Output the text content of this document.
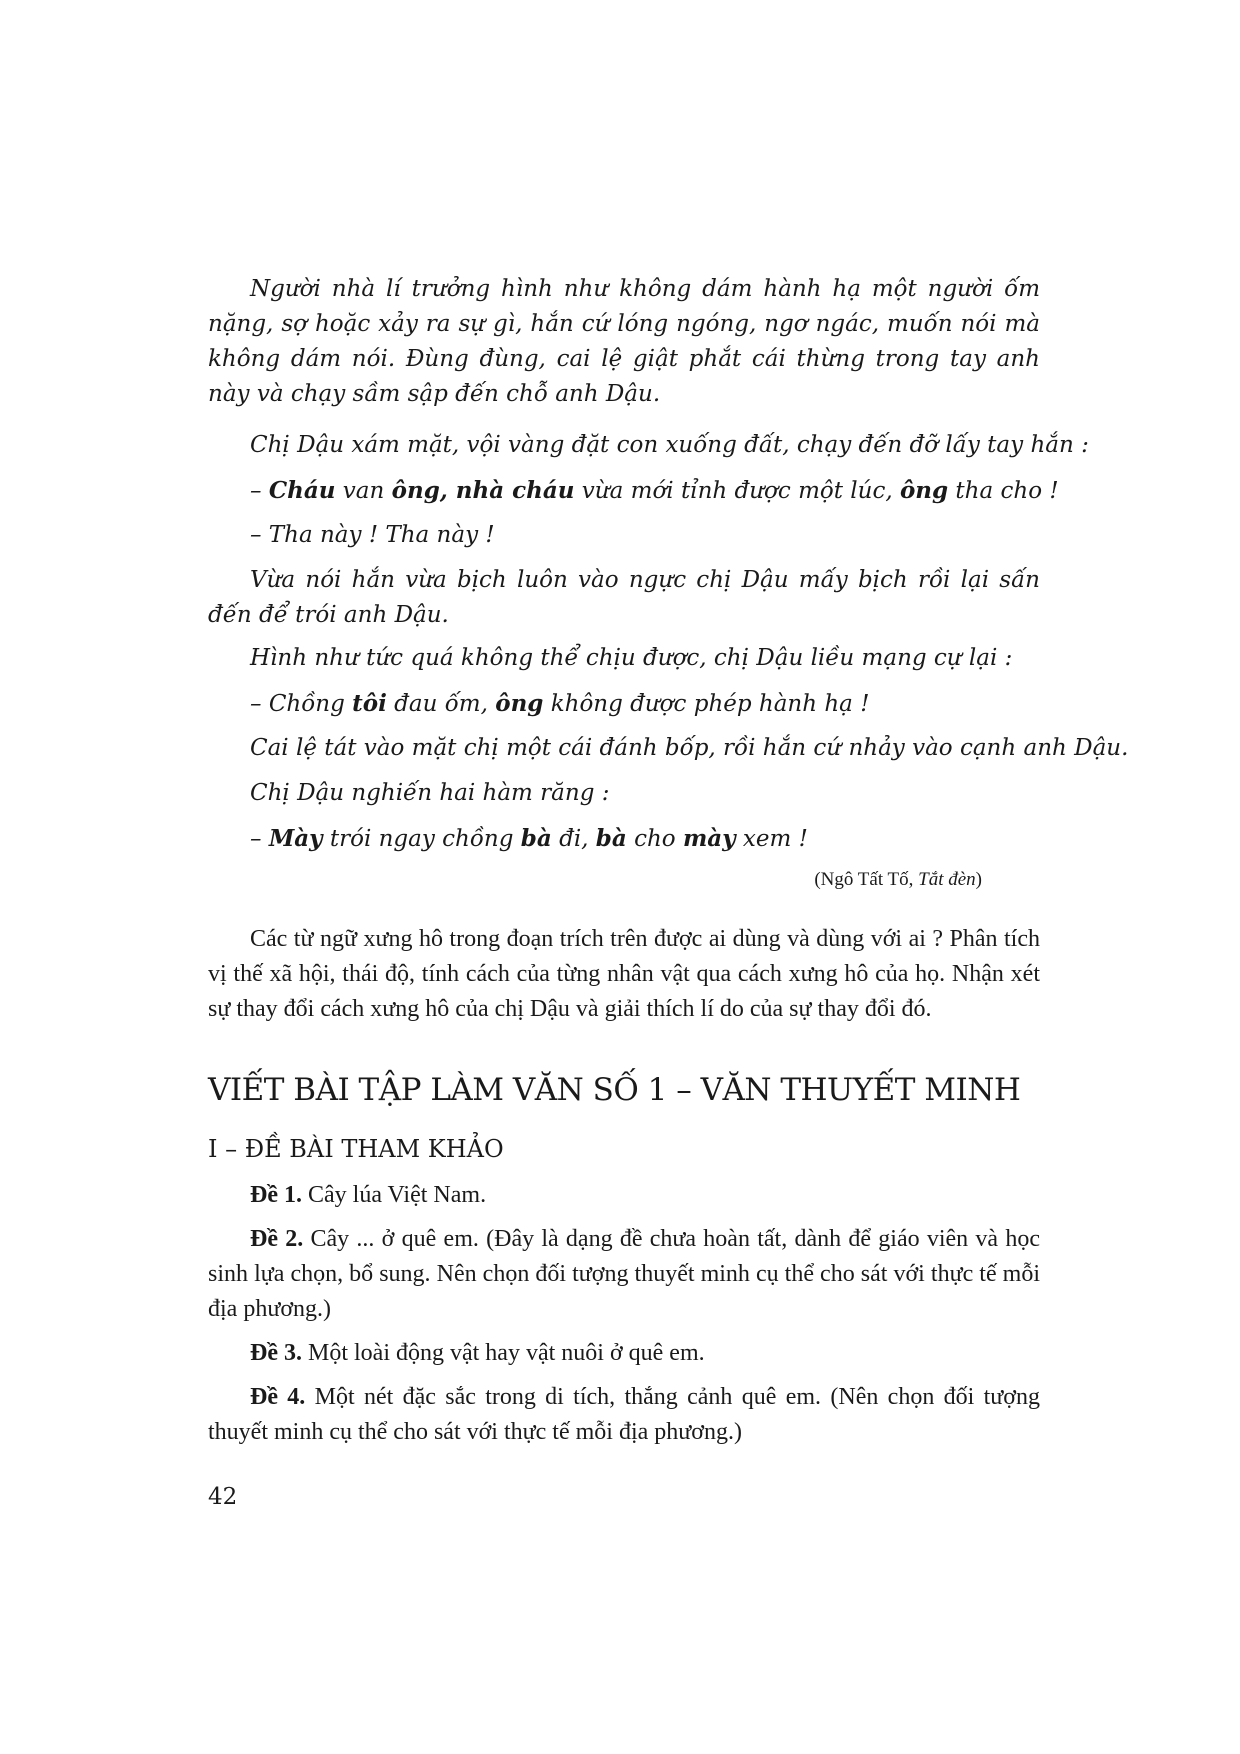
Người nhà lí trưởng hình như không dám hành hạ một người ốm nặng, sợ hoặc xảy ra sự gì, hắn cứ lóng ngóng, ngơ ngác, muốn nói mà không dám nói. Đùng đùng, cai lệ giật phắt cái thừng trong tay anh này và chạy sầm sập đến chỗ anh Dậu.

Chị Dậu xám mặt, vội vàng đặt con xuống đất, chạy đến đỡ lấy tay hắn :
– Cháu van ông, nhà cháu vừa mới tỉnh được một lúc, ông tha cho !
– Tha này ! Tha này !

Vừa nói hắn vừa bịch luôn vào ngực chị Dậu mấy bịch rồi lại sấn đến để trói anh Dậu.

Hình như tức quá không thể chịu được, chị Dậu liều mạng cự lại :
– Chồng tôi đau ốm, ông không được phép hành hạ !
Cai lệ tát vào mặt chị một cái đánh bốp, rồi hắn cứ nhảy vào cạnh anh Dậu.
Chị Dậu nghiến hai hàm răng :
– Mày trói ngay chồng bà đi, bà cho mày xem !
(Ngô Tất Tố, Tắt đèn)

Các từ ngữ xưng hô trong đoạn trích trên được ai dùng và dùng với ai ? Phân tích vị thế xã hội, thái độ, tính cách của từng nhân vật qua cách xưng hô của họ. Nhận xét sự thay đổi cách xưng hô của chị Dậu và giải thích lí do của sự thay đổi đó.

VIẾT BÀI TẬP LÀM VĂN SỐ 1 – VĂN THUYẾT MINH
I – ĐỀ BÀI THAM KHẢO

Đề 1. Cây lúa Việt Nam.

Đề 2. Cây ... ở quê em. (Đây là dạng đề chưa hoàn tất, dành để giáo viên và học sinh lựa chọn, bổ sung. Nên chọn đối tượng thuyết minh cụ thể cho sát với thực tế mỗi địa phương.)

Đề 3. Một loài động vật hay vật nuôi ở quê em.

Đề 4. Một nét đặc sắc trong di tích, thắng cảnh quê em. (Nên chọn đối tượng thuyết minh cụ thể cho sát với thực tế mỗi địa phương.)

42
